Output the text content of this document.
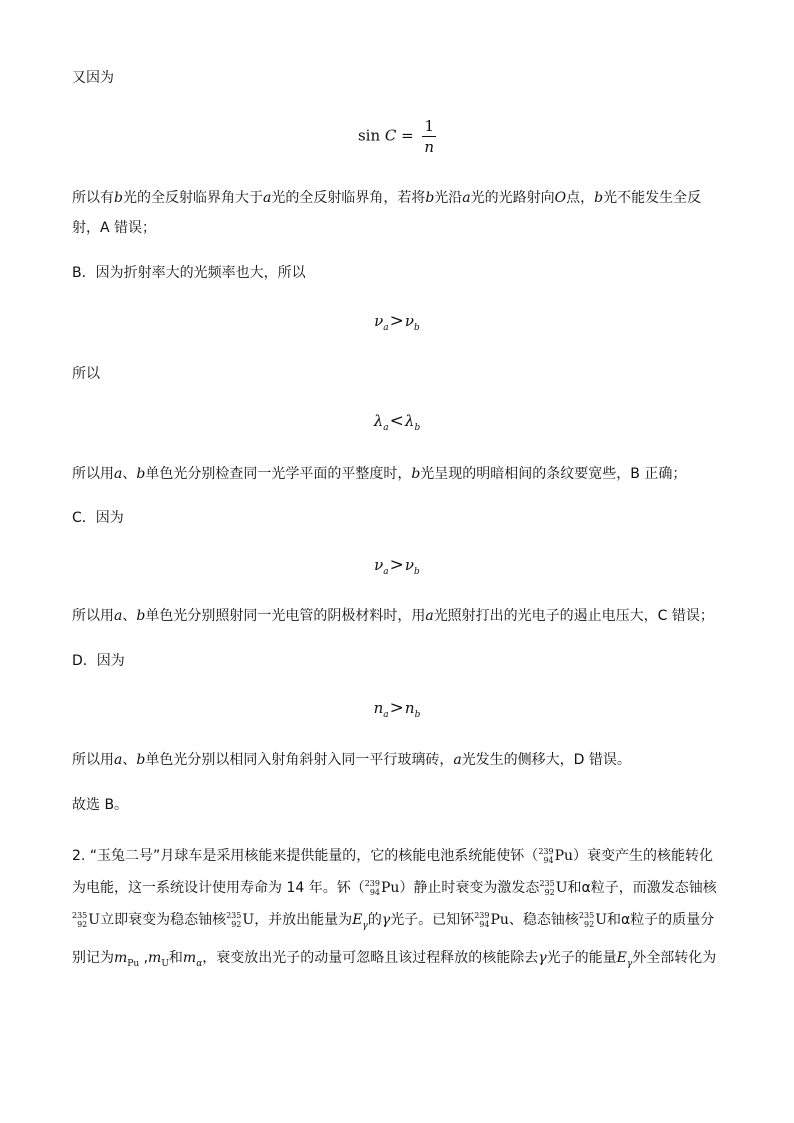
又因为
$\sin C = \frac{1}{n}$
所以有b光的全反射临界角大于a光的全反射临界角，若将b光沿a光的光路射向O点，b光不能发生全反射，A 错误；
B．因为折射率大的光频率也大，所以
$\nu_a>\nu_b$
所以
$\lambda_a<\lambda_b$
所以用a、b单色光分别检查同一光学平面的平整度时，b光呈现的明暗相间的条纹要宽些，B 正确；
C．因为
$\nu_a>\nu_b$
所以用a、b单色光分别照射同一光电管的阴极材料时，用a光照射打出的光电子的遏止电压大，C 错误；
D．因为
$n_a>n_b$
所以用a、b单色光分别以相同入射角斜射入同一平行玻璃砖，a光发生的侧移大，D 错误。
故选 B。
2. “玉兔二号”月球车是采用核能来提供能量的，它的核能电池系统能使钚（ 239
94 Pu）衰变产生的核能转化为电能，这一系统设计使用寿命为 14 年。钚（ 239
94 Pu）静止时衰变为激发态 235
92 U和α粒子，而激发态铀核
235
92 U立即衰变为稳态铀核 235
92 U，并放出能量为$E_\gamma$的γ光子。已知钚 239
94 Pu、稳态铀核 235
92 U和α粒子的质量分别记为$m_{Pu}$ $,m_U$和$m_\alpha$，衰变放出光子的动量可忽略且该过程释放的核能除去γ光子的能量$E_\gamma$外全部转化为
